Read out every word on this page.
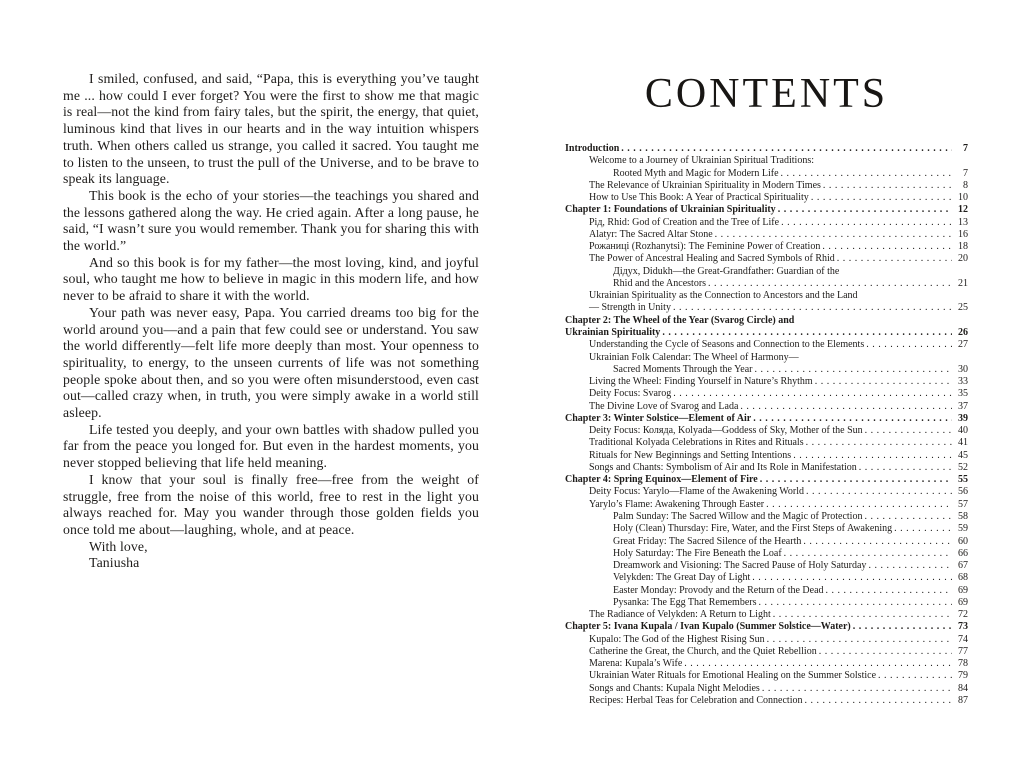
I smiled, confused, and said, “Papa, this is everything you’ve taught me ... how could I ever forget? You were the first to show me that magic is real—not the kind from fairy tales, but the spirit, the energy, that quiet, luminous kind that lives in our hearts and in the way intuition whispers truth. When others called us strange, you called it sacred. You taught me to listen to the unseen, to trust the pull of the Universe, and to be brave to speak its language.

This book is the echo of your stories—the teachings you shared and the lessons gathered along the way. He cried again. After a long pause, he said, “I wasn’t sure you would remember. Thank you for sharing this with the world.”

And so this book is for my father—the most loving, kind, and joyful soul, who taught me how to believe in magic in this modern life, and how never to be afraid to share it with the world.

Your path was never easy, Papa. You carried dreams too big for the world around you—and a pain that few could see or understand. You saw the world differently—felt life more deeply than most. Your openness to spirituality, to energy, to the unseen currents of life was not something people spoke about then, and so you were often misunderstood, even cast out—called crazy when, in truth, you were simply awake in a world still asleep.

Life tested you deeply, and your own battles with shadow pulled you far from the peace you longed for. But even in the hardest moments, you never stopped believing that life held meaning.

I know that your soul is finally free—free from the weight of struggle, free from the noise of this world, free to rest in the light you always reached for. May you wander through those golden fields you once told me about—laughing, whole, and at peace.

With love,

Taniusha

CONTENTS
Introduction . . .	7
Welcome to a Journey of Ukrainian Spiritual Traditions:
Rooted Myth and Magic for Modern Life . . .	7
The Relevance of Ukrainian Spirituality in Modern Times . . .	8
How to Use This Book: A Year of Practical Spirituality . . .	10
Chapter 1: Foundations of Ukrainian Spirituality . . .	12
Рід, Rhid: God of Creation and the Tree of Life . . .	13
Alatyr: The Sacred Altar Stone . . .	16
Рожаниці (Rozhanytsi): The Feminine Power of Creation . . .	18
The Power of Ancestral Healing and Sacred Symbols of Rhid . . .	20
Дідух, Didukh—the Great-Grandfather: Guardian of the
Rhid and the Ancestors . . .	21
Ukrainian Spirituality as the Connection to Ancestors and the Land
— Strength in Unity . . .	25
Chapter 2: The Wheel of the Year (Svarog Circle) and
Ukrainian Spirituality . . .	26
Understanding the Cycle of Seasons and Connection to the Elements . . .	27
Ukrainian Folk Calendar: The Wheel of Harmony—
Sacred Moments Through the Year . . .	30
Living the Wheel: Finding Yourself in Nature’s Rhythm . . .	33
Deity Focus: Svarog . . .	35
The Divine Love of Svarog and Lada . . .	37
Chapter 3: Winter Solstice—Element of Air . . .	39
Deity Focus: Коляда, Kolyada—Goddess of Sky, Mother of the Sun . . .	40
Traditional Kolyada Celebrations in Rites and Rituals . . .	41
Rituals for New Beginnings and Setting Intentions . . .	45
Songs and Chants: Symbolism of Air and Its Role in Manifestation . . .	52
Chapter 4: Spring Equinox—Element of Fire . . .	55
Deity Focus: Yarylo—Flame of the Awakening World . . .	56
Yarylo’s Flame: Awakening Through Easter . . .	57
Palm Sunday: The Sacred Willow and the Magic of Protection . . .	58
Holy (Clean) Thursday: Fire, Water, and the First Steps of Awakening . . .	59
Great Friday: The Sacred Silence of the Hearth . . .	60
Holy Saturday: The Fire Beneath the Loaf . . .	66
Dreamwork and Visioning: The Sacred Pause of Holy Saturday . . .	67
Velykden: The Great Day of Light . . .	68
Easter Monday: Provody and the Return of the Dead . . .	69
Pysanka: The Egg That Remembers . . .	69
The Radiance of Velykden: A Return to Light . . .	72
Chapter 5: Ivana Kupala / Ivan Kupalo (Summer Solstice—Water) . . .	73
Kupalo: The God of the Highest Rising Sun . . .	74
Catherine the Great, the Church, and the Quiet Rebellion . . .	77
Marena: Kupala’s Wife . . .	78
Ukrainian Water Rituals for Emotional Healing on the Summer Solstice . . .	79
Songs and Chants: Kupala Night Melodies . . .	84
Recipes: Herbal Teas for Celebration and Connection . . .	87
